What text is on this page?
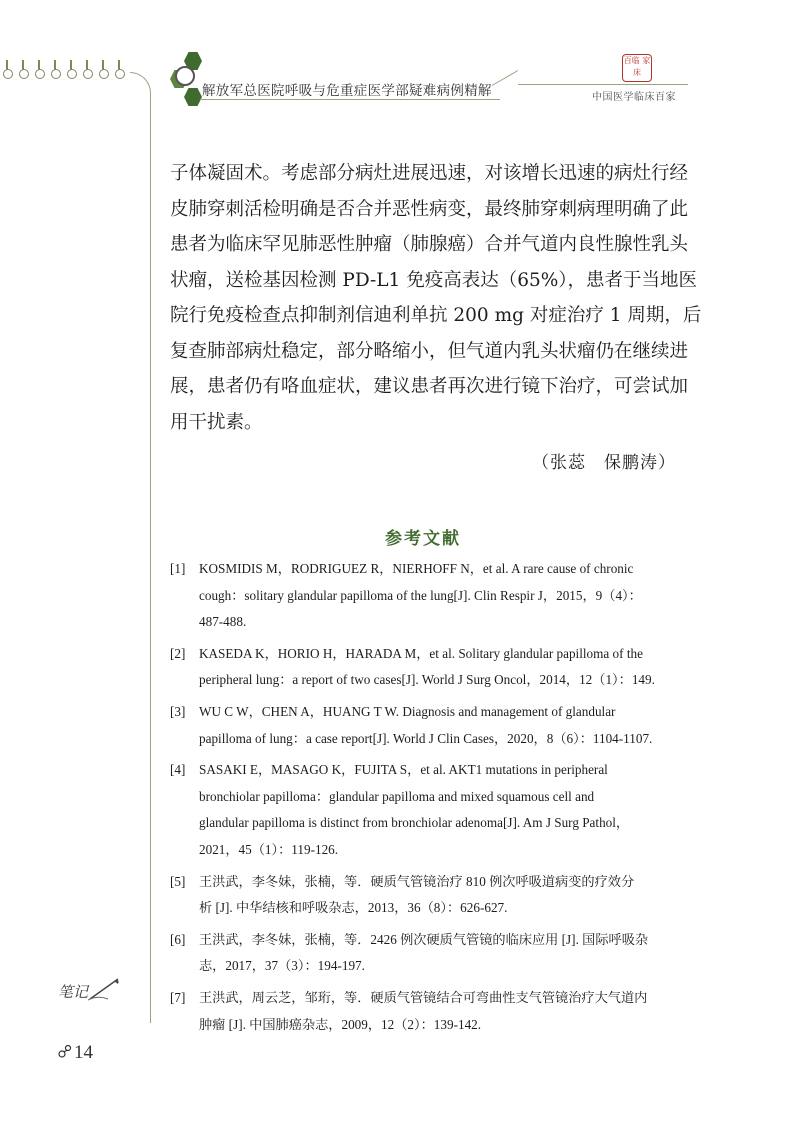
解放军总医院呼吸与危重症医学部疑难病例精解
百临 家床
中国医学临床百家
子体凝固术。考虑部分病灶进展迅速，对该增长迅速的病灶行经
皮肺穿刺活检明确是否合并恶性病变，最终肺穿刺病理明确了此
患者为临床罕见肺恶性肿瘤（肺腺癌）合并气道内良性腺性乳头
状瘤，送检基因检测 PD-L1 免疫高表达（65%），患者于当地医
院行免疫检查点抑制剂信迪利单抗 200 mg 对症治疗 1 周期，后
复查肺部病灶稳定，部分略缩小，但气道内乳头状瘤仍在继续进
展，患者仍有咯血症状，建议患者再次进行镜下治疗，可尝试加
用干扰素。
（张蕊　保鹏涛）
参考文献
[1] KOSMIDIS M，RODRIGUEZ R，NIERHOFF N，et al. A rare cause of chronic
cough：solitary glandular papilloma of the lung[J]. Clin Respir J，2015，9（4）：
487-488.
[2] KASEDA K，HORIO H，HARADA M，et al. Solitary glandular papilloma of the
peripheral lung：a report of two cases[J]. World J Surg Oncol，2014，12（1）：149.
[3] WU C W，CHEN A，HUANG T W. Diagnosis and management of glandular
papilloma of lung：a case report[J]. World J Clin Cases，2020，8（6）：1104-1107.
[4] SASAKI E，MASAGO K，FUJITA S，et al. AKT1 mutations in peripheral
bronchiolar papilloma：glandular papilloma and mixed squamous cell and
glandular papilloma is distinct from bronchiolar adenoma[J]. Am J Surg Pathol，
2021，45（1）：119-126.
[5] 王洪武，李冬妹，张楠，等．硬质气管镜治疗 810 例次呼吸道病变的疗效分
析 [J]. 中华结核和呼吸杂志，2013，36（8）：626-627.
[6] 王洪武，李冬妹，张楠，等．2426 例次硬质气管镜的临床应用 [J]. 国际呼吸杂
志，2017，37（3）：194-197.
[7] 王洪武，周云芝，邹珩，等．硬质气管镜结合可弯曲性支气管镜治疗大气道内
肿瘤 [J]. 中国肺癌杂志，2009，12（2）：139-142.
笔记
14
